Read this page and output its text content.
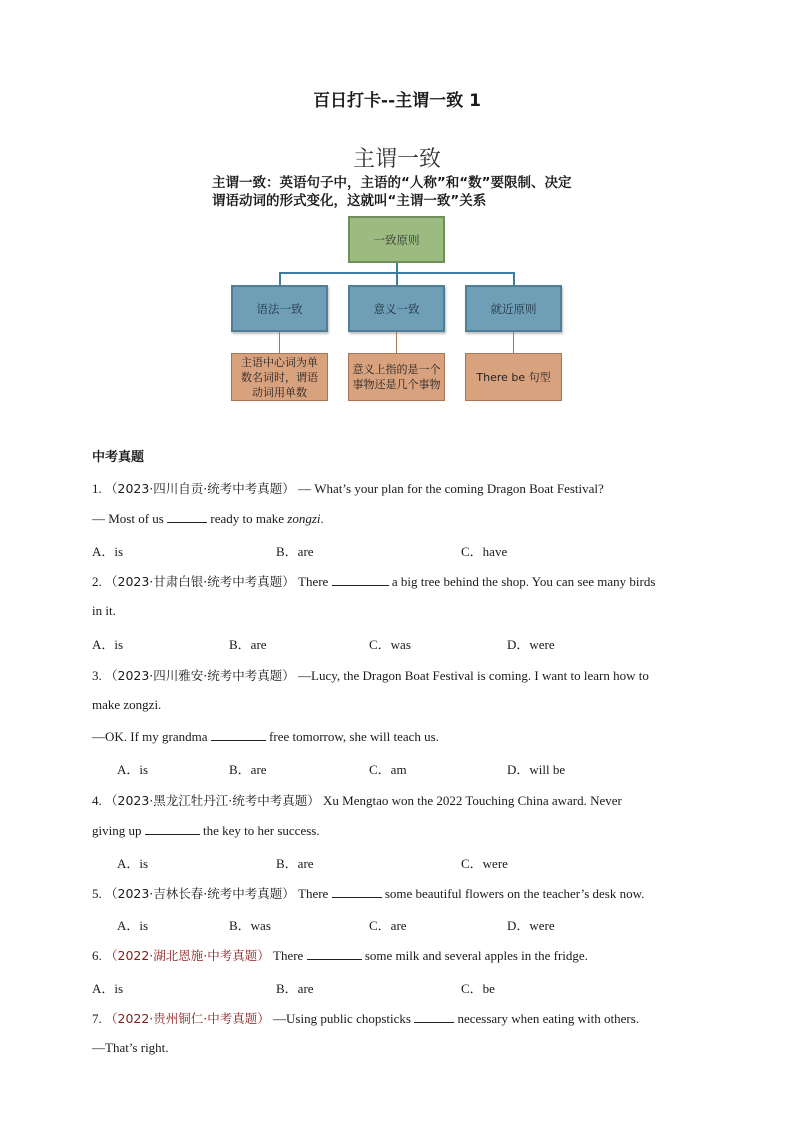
百日打卡--主谓一致 1
主谓一致
主谓一致：英语句子中，主语的“人称”和“数”要限制、决定谓语动词的形式变化，这就叫“主谓一致”关系
一致原则
语法一致	意义一致	就近原则
主语中心词为单数名词时，谓语动词用单数
意义上指的是一个事物还是几个事物
There be 句型
中考真题
1. （2023·四川自贡·统考中考真题） — What’s your plan for the coming Dragon Boat Festival?
— Most of us	ready to make zongzi.
A．is	B．are	C．have
2. （2023·甘肃白银·统考中考真题） There	a big tree behind the shop. You can see many birds
in it.
A．is	B．are	C．was	D．were
3. （2023·四川雅安·统考中考真题） —Lucy, the Dragon Boat Festival is coming. I want to learn how to
make zongzi.
—OK. If my grandma	free tomorrow, she will teach us.
A．is	B．are	C．am	D．will be
4. （2023·黑龙江牡丹江·统考中考真题） Xu Mengtao won the 2022 Touching China award. Never
giving up	the key to her success.
A．is	B．are	C．were
5. （2023·吉林长春·统考中考真题） There	some beautiful flowers on the teacher’s desk now.
A．is	B．was	C．are	D．were
6. （2022·湖北恩施·中考真题） There	some milk and several apples in the fridge.
A．is	B．are	C．be
7. （2022·贵州铜仁·中考真题） —Using public chopsticks	necessary when eating with others.
—That’s right.
